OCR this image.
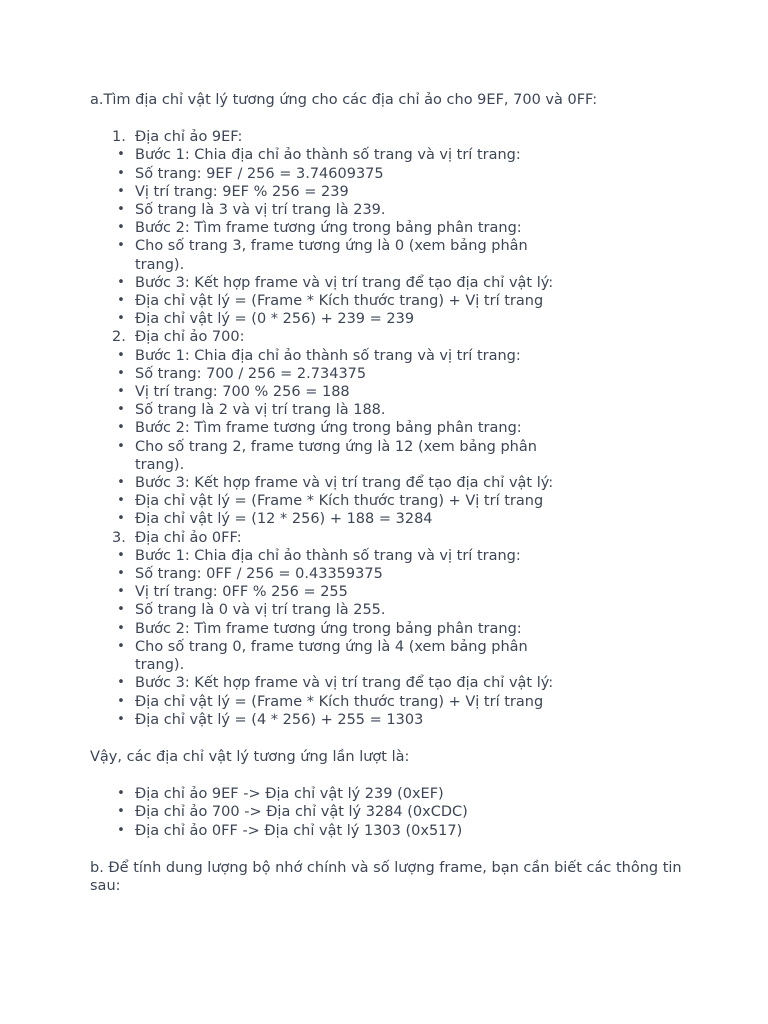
a.Tìm địa chỉ vật lý tương ứng cho các địa chỉ ảo cho 9EF, 700 và 0FF:

1. Địa chỉ ảo 9EF:
• Bước 1: Chia địa chỉ ảo thành số trang và vị trí trang:
• Số trang: 9EF / 256 = 3.74609375
• Vị trí trang: 9EF % 256 = 239
• Số trang là 3 và vị trí trang là 239.
• Bước 2: Tìm frame tương ứng trong bảng phân trang:
• Cho số trang 3, frame tương ứng là 0 (xem bảng phân trang).
• Bước 3: Kết hợp frame và vị trí trang để tạo địa chỉ vật lý:
• Địa chỉ vật lý = (Frame * Kích thước trang) + Vị trí trang
• Địa chỉ vật lý = (0 * 256) + 239 = 239
2. Địa chỉ ảo 700:
• Bước 1: Chia địa chỉ ảo thành số trang và vị trí trang:
• Số trang: 700 / 256 = 2.734375
• Vị trí trang: 700 % 256 = 188
• Số trang là 2 và vị trí trang là 188.
• Bước 2: Tìm frame tương ứng trong bảng phân trang:
• Cho số trang 2, frame tương ứng là 12 (xem bảng phân trang).
• Bước 3: Kết hợp frame và vị trí trang để tạo địa chỉ vật lý:
• Địa chỉ vật lý = (Frame * Kích thước trang) + Vị trí trang
• Địa chỉ vật lý = (12 * 256) + 188 = 3284
3. Địa chỉ ảo 0FF:
• Bước 1: Chia địa chỉ ảo thành số trang và vị trí trang:
• Số trang: 0FF / 256 = 0.43359375
• Vị trí trang: 0FF % 256 = 255
• Số trang là 0 và vị trí trang là 255.
• Bước 2: Tìm frame tương ứng trong bảng phân trang:
• Cho số trang 0, frame tương ứng là 4 (xem bảng phân trang).
• Bước 3: Kết hợp frame và vị trí trang để tạo địa chỉ vật lý:
• Địa chỉ vật lý = (Frame * Kích thước trang) + Vị trí trang
• Địa chỉ vật lý = (4 * 256) + 255 = 1303

Vậy, các địa chỉ vật lý tương ứng lần lượt là:

• Địa chỉ ảo 9EF -> Địa chỉ vật lý 239 (0xEF)
• Địa chỉ ảo 700 -> Địa chỉ vật lý 3284 (0xCDC)
• Địa chỉ ảo 0FF -> Địa chỉ vật lý 1303 (0x517)

b. Để tính dung lượng bộ nhớ chính và số lượng frame, bạn cần biết các thông tin sau:
